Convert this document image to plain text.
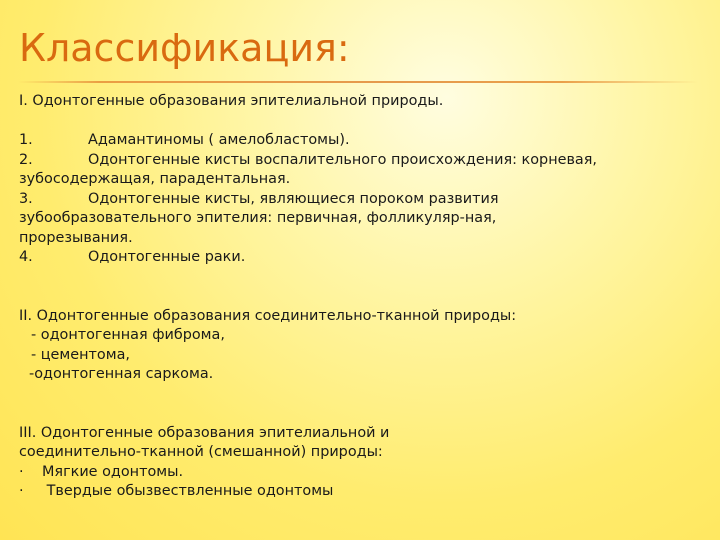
Классификация:
I. Одонтогенные образования эпителиальной природы.
1.	Адамантиномы ( амелобластомы).
2.	Одонтогенные кисты воспалительного происхождения: корневая,
зубосодержащая, парадентальная.
3.	Одонтогенные кисты, являющиеся пороком развития
зубообразовательного эпителия: первичная, фолликуляр-ная,
прорезывания.
4.	Одонтогенные раки.
II. Одонтогенные образования соединительно-тканной природы:
- одонтогенная фиброма,
- цементома,
-одонтогенная саркома.
III. Одонтогенные образования эпителиальной и
соединительно-тканной (смешанной) природы:
· Мягкие одонтомы.
· Твердые обызвествленные одонтомы
